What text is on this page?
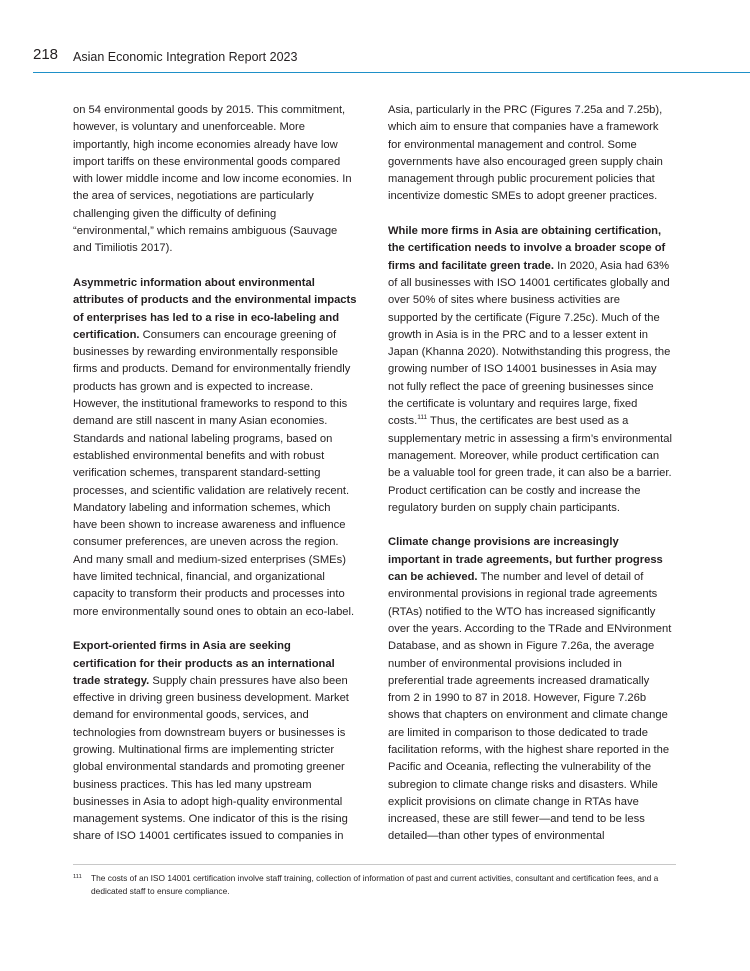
218 Asian Economic Integration Report 2023

on 54 environmental goods by 2015. This commitment, however, is voluntary and unenforceable. More importantly, high income economies already have low import tariffs on these environmental goods compared with lower middle income and low income economies. In the area of services, negotiations are particularly challenging given the difficulty of defining “environmental,” which remains ambiguous (Sauvage and Timiliotis 2017).

Asymmetric information about environmental attributes of products and the environmental impacts of enterprises has led to a rise in eco-labeling and certification. Consumers can encourage greening of businesses by rewarding environmentally responsible firms and products. Demand for environmentally friendly products has grown and is expected to increase. However, the institutional frameworks to respond to this demand are still nascent in many Asian economies. Standards and national labeling programs, based on established environmental benefits and with robust verification schemes, transparent standard-setting processes, and scientific validation are relatively recent. Mandatory labeling and information schemes, which have been shown to increase awareness and influence consumer preferences, are uneven across the region. And many small and medium-sized enterprises (SMEs) have limited technical, financial, and organizational capacity to transform their products and processes into more environmentally sound ones to obtain an eco-label.

Export-oriented firms in Asia are seeking certification for their products as an international trade strategy. Supply chain pressures have also been effective in driving green business development. Market demand for environmental goods, services, and technologies from downstream buyers or businesses is growing. Multinational firms are implementing stricter global environmental standards and promoting greener business practices. This has led many upstream businesses in Asia to adopt high-quality environmental management systems. One indicator of this is the rising share of ISO 14001 certificates issued to companies in

Asia, particularly in the PRC (Figures 7.25a and 7.25b), which aim to ensure that companies have a framework for environmental management and control. Some governments have also encouraged green supply chain management through public procurement policies that incentivize domestic SMEs to adopt greener practices.

While more firms in Asia are obtaining certification, the certification needs to involve a broader scope of firms and facilitate green trade. In 2020, Asia had 63% of all businesses with ISO 14001 certificates globally and over 50% of sites where business activities are supported by the certificate (Figure 7.25c). Much of the growth in Asia is in the PRC and to a lesser extent in Japan (Khanna 2020). Notwithstanding this progress, the growing number of ISO 14001 businesses in Asia may not fully reflect the pace of greening businesses since the certificate is voluntary and requires large, fixed costs.$^{111}$ Thus, the certificates are best used as a supplementary metric in assessing a firm’s environmental management. Moreover, while product certification can be a valuable tool for green trade, it can also be a barrier. Product certification can be costly and increase the regulatory burden on supply chain participants.

Climate change provisions are increasingly important in trade agreements, but further progress can be achieved. The number and level of detail of environmental provisions in regional trade agreements (RTAs) notified to the WTO has increased significantly over the years. According to the TRade and ENvironment Database, and as shown in Figure 7.26a, the average number of environmental provisions included in preferential trade agreements increased dramatically from 2 in 1990 to 87 in 2018. However, Figure 7.26b shows that chapters on environment and climate change are limited in comparison to those dedicated to trade facilitation reforms, with the highest share reported in the Pacific and Oceania, reflecting the vulnerability of the subregion to climate change risks and disasters. While explicit provisions on climate change in RTAs have increased, these are still fewer—and tend to be less detailed—than other types of environmental

111 The costs of an ISO 14001 certification involve staff training, collection of information of past and current activities, consultant and certification fees, and a dedicated staff to ensure compliance.
